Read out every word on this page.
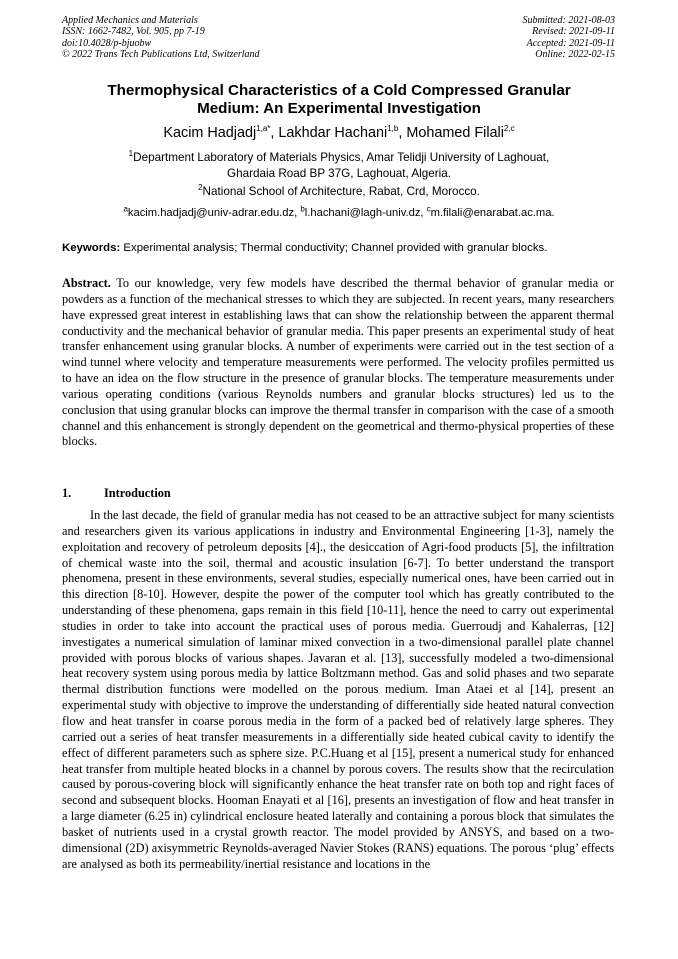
Applied Mechanics and Materials
ISSN: 1662-7482, Vol. 905, pp 7-19
doi:10.4028/p-bjuobw
© 2022 Trans Tech Publications Ltd, Switzerland
Submitted: 2021-08-03
Revised: 2021-09-11
Accepted: 2021-09-11
Online: 2022-02-15
Thermophysical Characteristics of a Cold Compressed Granular
Medium: An Experimental Investigation
Kacim Hadjadj$^{1,a*}$, Lakhdar Hachani$^{1,b}$, Mohamed Filali$^{2,c}$
$^1$Department Laboratory of Materials Physics, Amar Telidji University of Laghouat,
Ghardaia Road BP 37G, Laghouat, Algeria.
$^2$National School of Architecture, Rabat, Crd, Morocco.
$^a$kacim.hadjadj@univ-adrar.edu.dz, $^b$l.hachani@lagh-univ.dz, $^c$m.filali@enarabat.ac.ma.
Keywords: Experimental analysis; Thermal conductivity; Channel provided with granular blocks.
Abstract. To our knowledge, very few models have described the thermal behavior of granular media or powders as a function of the mechanical stresses to which they are subjected. In recent years, many researchers have expressed great interest in establishing laws that can show the relationship between the apparent thermal conductivity and the mechanical behavior of granular media. This paper presents an experimental study of heat transfer enhancement using granular blocks. A number of experiments were carried out in the test section of a wind tunnel where velocity and temperature measurements were performed. The velocity profiles permitted us to have an idea on the flow structure in the presence of granular blocks. The temperature measurements under various operating conditions (various Reynolds numbers and granular blocks structures) led us to the conclusion that using granular blocks can improve the thermal transfer in comparison with the case of a smooth channel and this enhancement is strongly dependent on the geometrical and thermo-physical properties of these blocks.
1.	Introduction
In the last decade, the field of granular media has not ceased to be an attractive subject for many scientists and researchers given its various applications in industry and Environmental Engineering [1-3], namely the exploitation and recovery of petroleum deposits [4]., the desiccation of Agri-food products [5], the infiltration of chemical waste into the soil, thermal and acoustic insulation [6-7]. To better understand the transport phenomena, present in these environments, several studies, especially numerical ones, have been carried out in this direction [8-10]. However, despite the power of the computer tool which has greatly contributed to the understanding of these phenomena, gaps remain in this field [10-11], hence the need to carry out experimental studies in order to take into account the practical uses of porous media. Guerroudj and Kahalerras, [12] investigates a numerical simulation of laminar mixed convection in a two-dimensional parallel plate channel provided with porous blocks of various shapes. Javaran et al. [13], successfully modeled a two-dimensional heat recovery system using porous media by lattice Boltzmann method. Gas and solid phases and two separate thermal distribution functions were modelled on the porous medium. Iman Ataei et al [14], present an experimental study with objective to improve the understanding of differentially side heated natural convection flow and heat transfer in coarse porous media in the form of a packed bed of relatively large spheres. They carried out a series of heat transfer measurements in a differentially side heated cubical cavity to identify the effect of different parameters such as sphere size. P.C.Huang et al [15], present a numerical study for enhanced heat transfer from multiple heated blocks in a channel by porous covers. The results show that the recirculation caused by porous-covering block will significantly enhance the heat transfer rate on both top and right faces of second and subsequent blocks. Hooman Enayati et al [16], presents an investigation of flow and heat transfer in a large diameter (6.25 in) cylindrical enclosure heated laterally and containing a porous block that simulates the basket of nutrients used in a crystal growth reactor. The model provided by ANSYS, and based on a two-dimensional (2D) axisymmetric Reynolds-averaged Navier Stokes (RANS) equations. The porous ‘plug’ effects are analysed as both its permeability/inertial resistance and locations in the
